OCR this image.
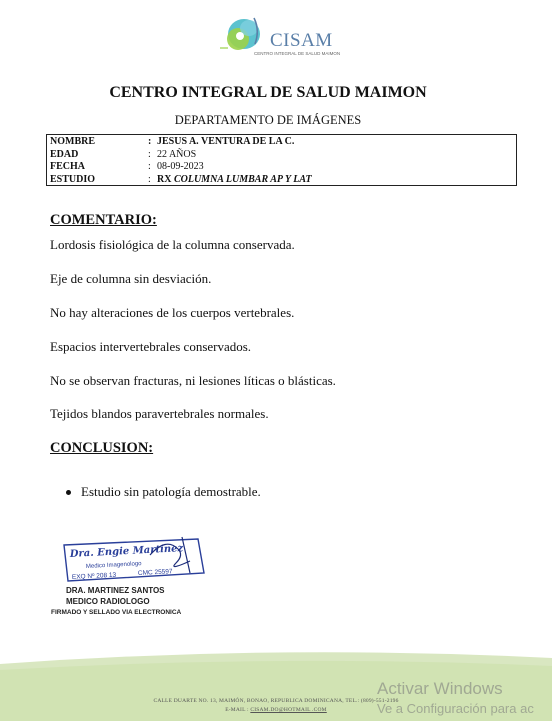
CISAM
CENTRO INTEGRAL DE SALUD MAIMON
CENTRO INTEGRAL DE SALUD MAIMON
DEPARTAMENTO DE IMÁGENES
NOMBRE	: JESUS A. VENTURA DE LA C.
EDAD	: 22 AÑOS
FECHA	: 08-09-2023
ESTUDIO	: RX COLUMNA LUMBAR AP Y LAT
COMENTARIO:
Lordosis fisiológica de la columna conservada.
Eje de columna sin desviación.
No hay alteraciones de los cuerpos vertebrales.
Espacios intervertebrales conservados.
No se observan fracturas, ni lesiones líticas o blásticas.
Tejidos blandos paravertebrales normales.
CONCLUSION:
Estudio sin patología demostrable.
Dra. Engie Martinez
Medico Imagenologo
EXQ Nº 208 13	CMC 25597
DRA. MARTINEZ SANTOS
MEDICO RADIOLOGO
FIRMADO Y SELLADO VIA ELECTRONICA
CALLE DUARTE NO. 13, MAIMÓN, BONAO, REPUBLICA DOMINICANA, TEL.: (809)-551-2196
E-MAIL : CISAM.DO@HOTMAIL .COM
Activar Windows
Ve a Configuración para ac
